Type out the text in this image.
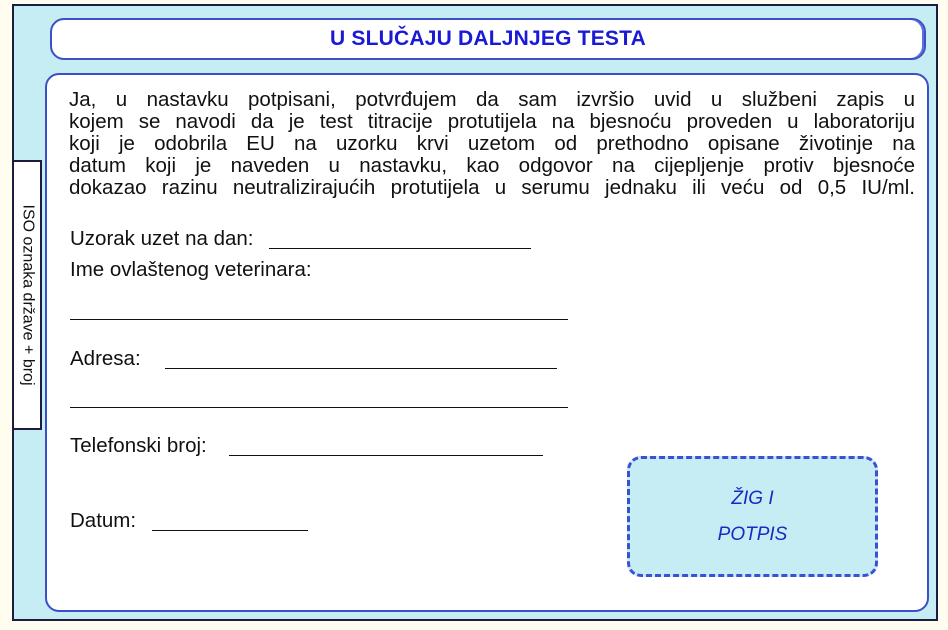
U SLUČAJU DALJNJEG TESTA
Ja, u nastavku potpisani, potvrđujem da sam izvršio uvid u službeni zapis u
kojem se navodi da je test titracije protutijela na bjesnoću proveden u laboratoriju
koji je odobrila EU na uzorku krvi uzetom od prethodno opisane životinje na
datum koji je naveden u nastavku, kao odgovor na cijepljenje protiv bjesnoće
dokazao razinu neutralizirajućih protutijela u serumu jednaku ili veću od 0,5 IU/ml.
Uzorak uzet na dan:
Ime ovlaštenog veterinara:
Adresa:
Telefonski broj:
Datum:
ISO oznaka države + broj
ŽIG I
POTPIS
